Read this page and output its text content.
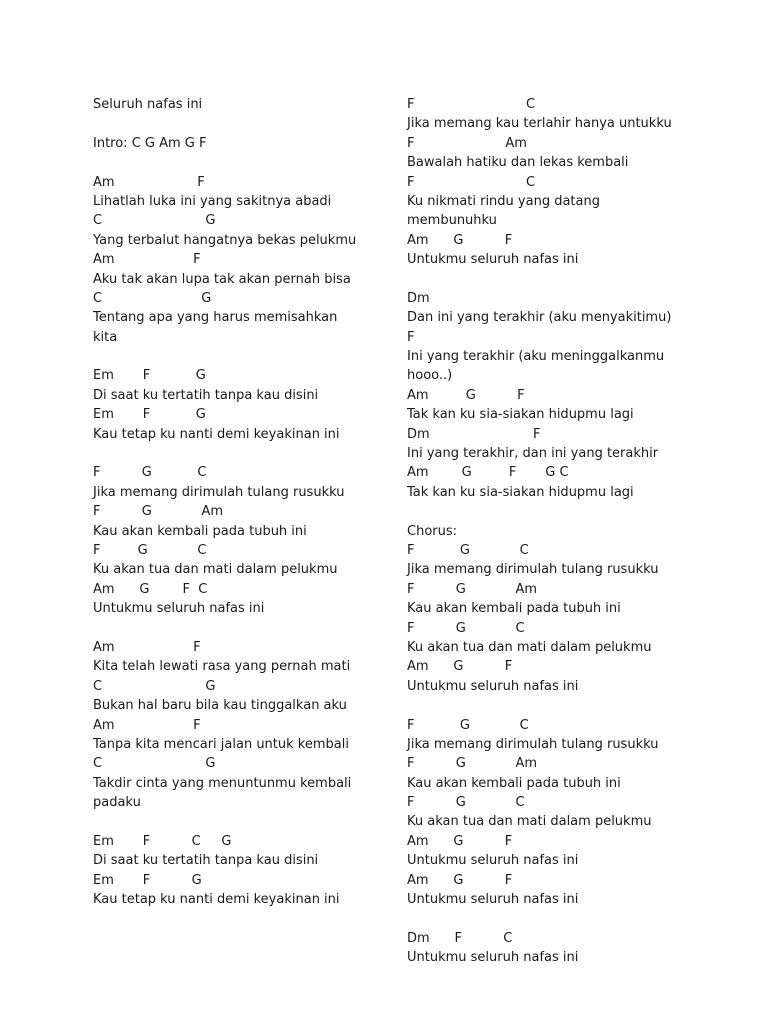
Seluruh nafas ini
Intro: C G Am G F
Am                    F
Lihatlah luka ini yang sakitnya abadi
C                         G
Yang terbalut hangatnya bekas pelukmu
Am                   F
Aku tak akan lupa tak akan pernah bisa
C                        G
Tentang apa yang harus memisahkan
kita
Em       F           G
Di saat ku tertatih tanpa kau disini
Em       F           G
Kau tetap ku nanti demi keyakinan ini
F          G           C
Jika memang dirimulah tulang rusukku
F          G            Am
Kau akan kembali pada tubuh ini
F         G            C
Ku akan tua dan mati dalam pelukmu
Am      G        F  C
Untukmu seluruh nafas ini
Am                   F
Kita telah lewati rasa yang pernah mati
C                         G
Bukan hal baru bila kau tinggalkan aku
Am                   F
Tanpa kita mencari jalan untuk kembali
C                         G
Takdir cinta yang menuntunmu kembali
padaku
Em       F          C     G
Di saat ku tertatih tanpa kau disini
Em       F          G
Kau tetap ku nanti demi keyakinan ini
F                           C
Jika memang kau terlahir hanya untukku
F                      Am
Bawalah hatiku dan lekas kembali
F                           C
Ku nikmati rindu yang datang
membunuhku
Am      G          F
Untukmu seluruh nafas ini
Dm
Dan ini yang terakhir (aku menyakitimu)
F
Ini yang terakhir (aku meninggalkanmu
hooo..)
Am         G          F
Tak kan ku sia-siakan hidupmu lagi
Dm                         F
Ini yang terakhir, dan ini yang terakhir
Am        G         F       G C
Tak kan ku sia-siakan hidupmu lagi
Chorus:
F           G            C
Jika memang dirimulah tulang rusukku
F          G            Am
Kau akan kembali pada tubuh ini
F          G            C
Ku akan tua dan mati dalam pelukmu
Am      G          F
Untukmu seluruh nafas ini
F           G            C
Jika memang dirimulah tulang rusukku
F          G            Am
Kau akan kembali pada tubuh ini
F          G            C
Ku akan tua dan mati dalam pelukmu
Am      G          F
Untukmu seluruh nafas ini
Am      G          F
Untukmu seluruh nafas ini
Dm      F          C
Untukmu seluruh nafas ini
